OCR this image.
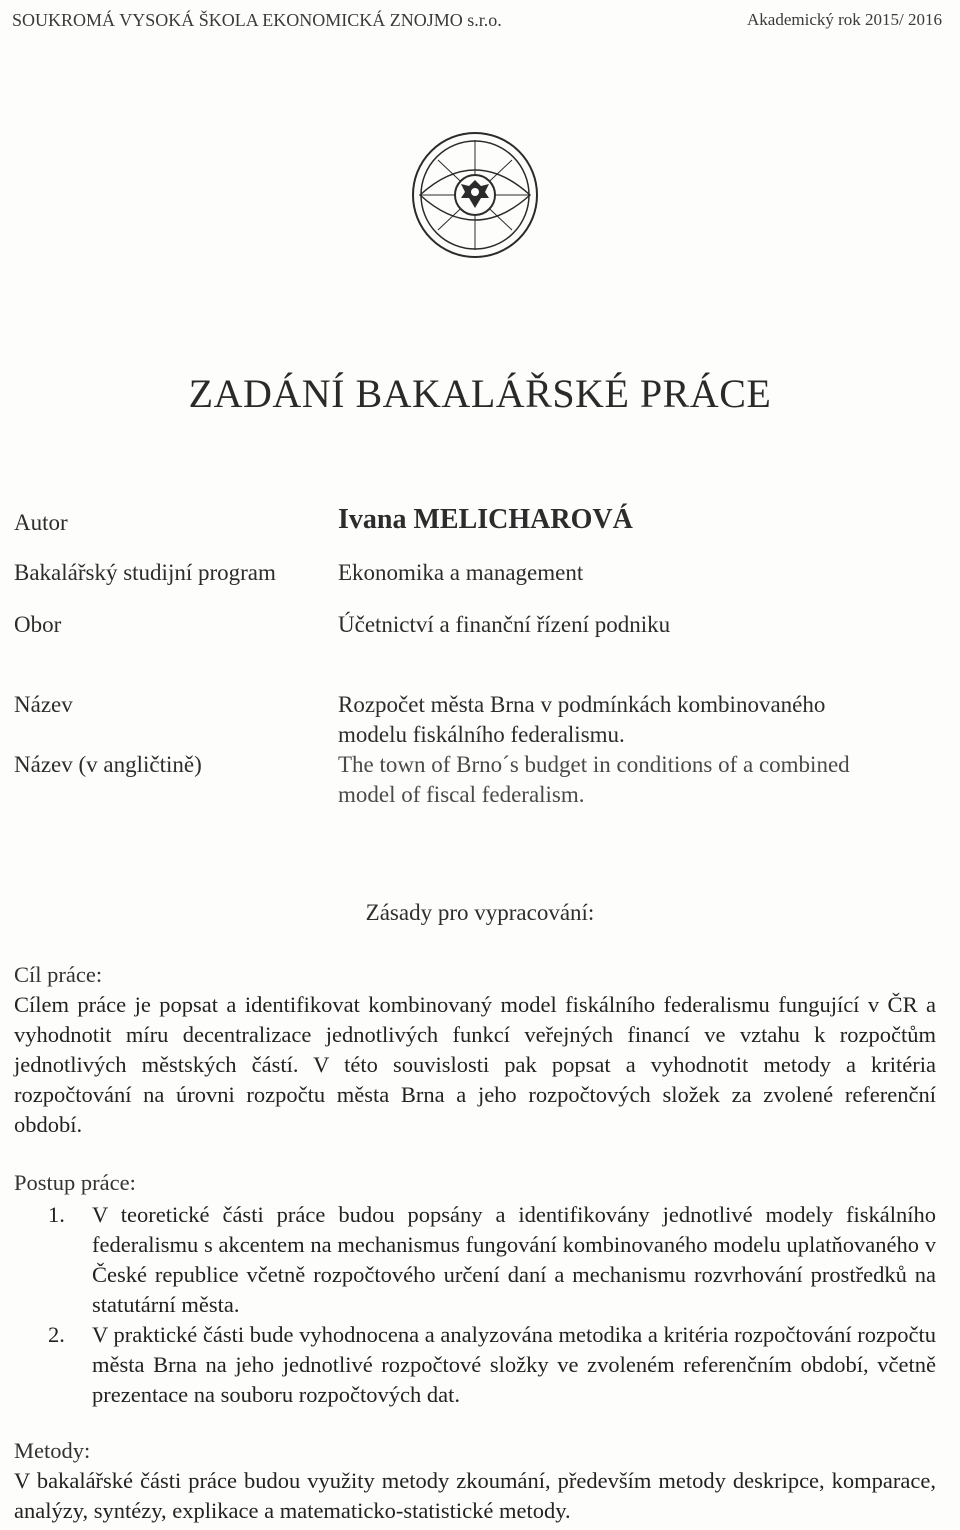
SOUKROMÁ VYSOKÁ ŠKOLA EKONOMICKÁ ZNOJMO s.r.o.	Akademický rok 2015/ 2016
ZADÁNÍ BAKALÁŘSKÉ PRÁCE
Autor	Ivana MELICHAROVÁ
Bakalářský studijní program	Ekonomika a management
Obor	Účetnictví a finanční řízení podniku
Název	Rozpočet města Brna v podmínkách kombinovaného
modelu fiskálního federalismu.
Název (v angličtině)	The town of Brno´s budget in conditions of a combined
model of fiscal federalism.
Zásady pro vypracování:
Cíl práce:
Cílem práce je popsat a identifikovat kombinovaný model fiskálního federalismu fungující v ČR a vyhodnotit míru decentralizace jednotlivých funkcí veřejných financí ve vztahu k rozpočtům jednotlivých městských částí. V této souvislosti pak popsat a vyhodnotit metody a kritéria rozpočtování na úrovni rozpočtu města Brna a jeho rozpočtových složek za zvolené referenční období.
Postup práce:
1.	V teoretické části práce budou popsány a identifikovány jednotlivé modely fiskálního federalismu s akcentem na mechanismus fungování kombinovaného modelu uplatňovaného v České republice včetně rozpočtového určení daní a mechanismu rozvrhování prostředků na statutární města.
2.	V praktické části bude vyhodnocena a analyzována metodika a kritéria rozpočtování rozpočtu města Brna na jeho jednotlivé rozpočtové složky ve zvoleném referenčním období, včetně prezentace na souboru rozpočtových dat.
Metody:
V bakalářské části práce budou využity metody zkoumání, především metody deskripce, komparace, analýzy, syntézy, explikace a matematicko-statistické metody.
